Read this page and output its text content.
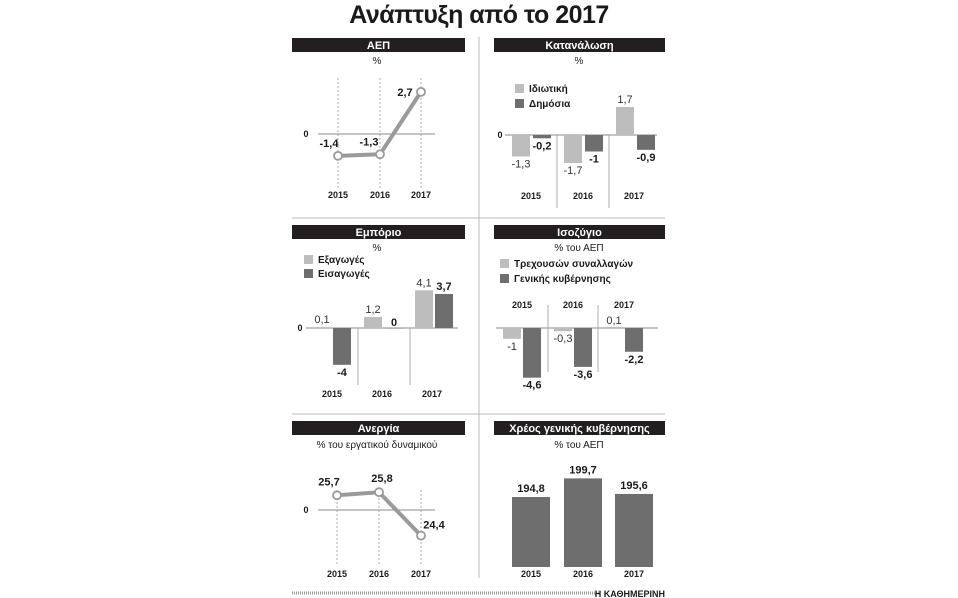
Ανάπτυξη από το 2017
ΑΕΠ
%
0
-1,4 -1,3
2,7
2015 2016 2017
Κατανάλωση
%
Ιδιωτική
Δημόσια
0
-1,3
-1,7
1,7
-0,2
-1	-0,9
2015	2016	2017
Εμπόριο
%
Εξαγωγές
Εισαγωγές
0
0,1
1,2
4,1
-4
0
3,7
2015	2016	2017
Ισοζύγιο
% του ΑΕΠ
Τρεχουσών συναλλαγών
Γενικής κυβέρνησης
-1
-0,3
0,1
-4,6
-3,6
-2,2
2015	2016	2017
Ανεργία
% του εργατικού δυναμικού
0
25,7	25,8
24,4
2015 2016 2017
Χρέος γενικής κυβέρνησης
% του ΑΕΠ
194,8
199,7
195,6
2015	2016	2017
Η ΚΑΘΗΜΕΡΙΝΗ
